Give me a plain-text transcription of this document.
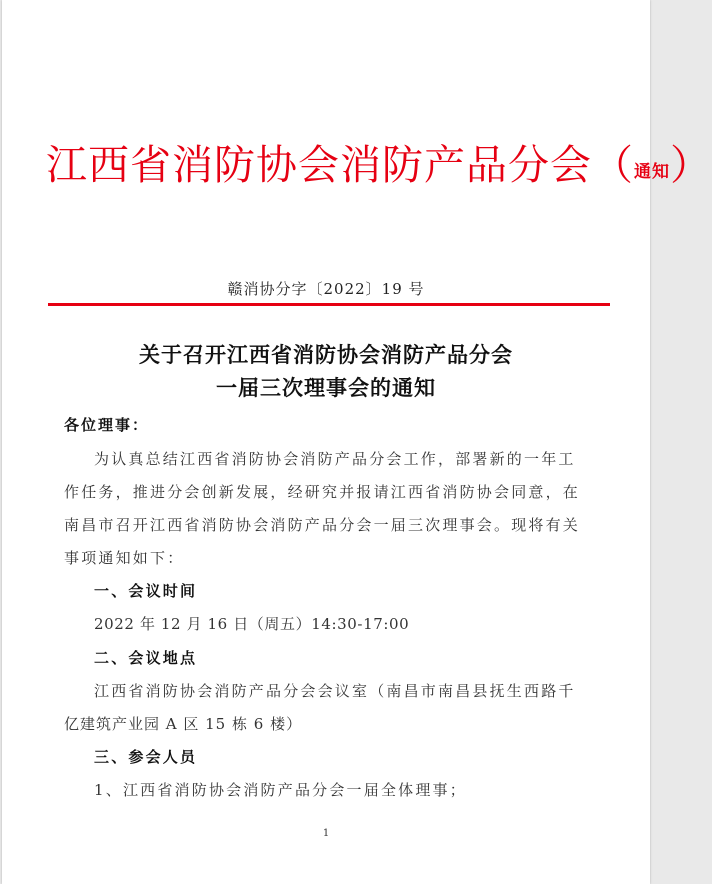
江西省消防协会消防产品分会（通知）
赣消协分字〔2022〕19 号
关于召开江西省消防协会消防产品分会
一届三次理事会的通知
各位理事：
为认真总结江西省消防协会消防产品分会工作，部署新的一年工
作任务，推进分会创新发展，经研究并报请江西省消防协会同意，在
南昌市召开江西省消防协会消防产品分会一届三次理事会。现将有关
事项通知如下：
一、会议时间
2022 年 12 月 16 日（周五）14:30-17:00
二、会议地点
江西省消防协会消防产品分会会议室（南昌市南昌县抚生西路千
亿建筑产业园 A 区 15 栋 6 楼）
三、参会人员
1、江西省消防协会消防产品分会一届全体理事；
1
